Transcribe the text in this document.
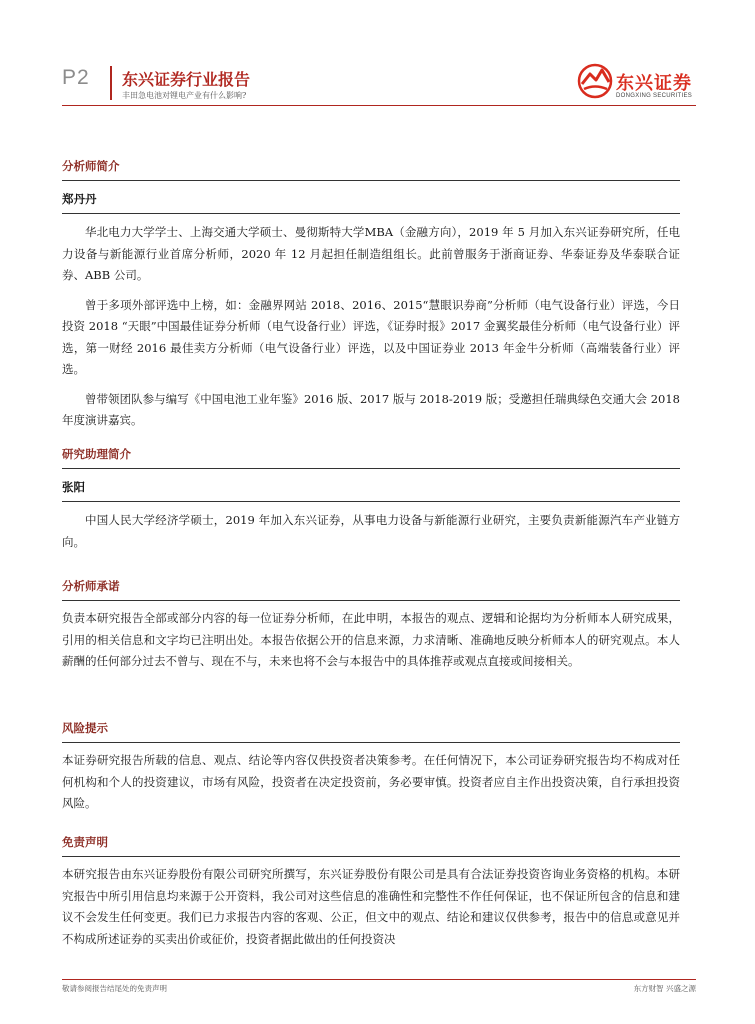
P2 东兴证券行业报告
丰田急电池对锂电产业有什么影响?
东兴证券
DONGXING SECURITIES
分析师简介
郑丹丹

华北电力大学学士、上海交通大学硕士、曼彻斯特大学MBA（金融方向），2019 年 5 月加入东兴证券研究所，任电力设备与新能源行业首席分析师，2020 年 12 月起担任制造组组长。此前曾服务于浙商证券、华泰证券及华泰联合证券、ABB 公司。

曾于多项外部评选中上榜，如：金融界网站 2018、2016、2015“慧眼识券商”分析师（电气设备行业）评选，今日投资 2018 “天眼”中国最佳证券分析师（电气设备行业）评选，《证券时报》2017 金翼奖最佳分析师（电气设备行业）评选，第一财经 2016 最佳卖方分析师（电气设备行业）评选，以及中国证券业 2013 年金牛分析师（高端装备行业）评选。

曾带领团队参与编写《中国电池工业年鉴》2016 版、2017 版与 2018-2019 版；受邀担任瑞典绿色交通大会 2018 年度演讲嘉宾。

研究助理简介
张阳

中国人民大学经济学硕士，2019 年加入东兴证券，从事电力设备与新能源行业研究，主要负责新能源汽车产业链方向。

分析师承诺

负责本研究报告全部或部分内容的每一位证券分析师，在此申明，本报告的观点、逻辑和论据均为分析师本人研究成果，引用的相关信息和文字均已注明出处。本报告依据公开的信息来源，力求清晰、准确地反映分析师本人的研究观点。本人薪酬的任何部分过去不曾与、现在不与，未来也将不会与本报告中的具体推荐或观点直接或间接相关。

风险提示

本证券研究报告所载的信息、观点、结论等内容仅供投资者决策参考。在任何情况下，本公司证券研究报告均不构成对任何机构和个人的投资建议，市场有风险，投资者在决定投资前，务必要审慎。投资者应自主作出投资决策，自行承担投资风险。

免责声明

本研究报告由东兴证券股份有限公司研究所撰写，东兴证券股份有限公司是具有合法证券投资咨询业务资格的机构。本研究报告中所引用信息均来源于公开资料，我公司对这些信息的准确性和完整性不作任何保证，也不保证所包含的信息和建议不会发生任何变更。我们已力求报告内容的客观、公正，但文中的观点、结论和建议仅供参考，报告中的信息或意见并不构成所述证券的买卖出价或征价，投资者据此做出的任何投资决

敬请参阅报告结尾处的免责声明	东方财智 兴盛之源
